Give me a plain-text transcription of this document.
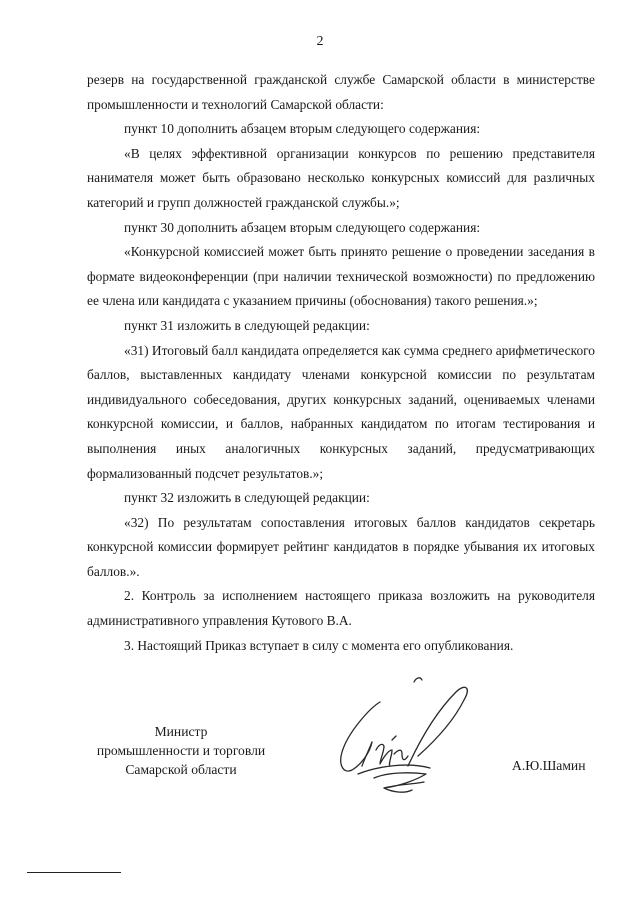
2

резерв на государственной гражданской службе Самарской области в министерстве промышленности и технологий Самарской области:

пункт 10 дополнить абзацем вторым следующего содержания:

«В целях эффективной организации конкурсов по решению представителя нанимателя может быть образовано несколько конкурсных комиссий для различных категорий и групп должностей гражданской службы.»;

пункт 30 дополнить абзацем вторым следующего содержания:

«Конкурсной комиссией может быть принято решение о проведении заседания в формате видеоконференции (при наличии технической возможности) по предложению ее члена или кандидата с указанием причины (обоснования) такого решения.»;

пункт 31 изложить в следующей редакции:

«31) Итоговый балл кандидата определяется как сумма среднего арифметического баллов, выставленных кандидату членами конкурсной комиссии по результатам индивидуального собеседования, других конкурсных заданий, оцениваемых членами конкурсной комиссии, и баллов, набранных кандидатом по итогам тестирования и выполнения иных аналогичных конкурсных заданий, предусматривающих формализованный подсчет результатов.»;

пункт 32 изложить в следующей редакции:

«32) По результатам сопоставления итоговых баллов кандидатов секретарь конкурсной комиссии формирует рейтинг кандидатов в порядке убывания их итоговых баллов.».

2. Контроль за исполнением настоящего приказа возложить на руководителя административного управления Кутового В.А.

3. Настоящий Приказ вступает в силу с момента его опубликования.

Министр
промышленности и торговли
Самарской области	А.Ю.Шамин
